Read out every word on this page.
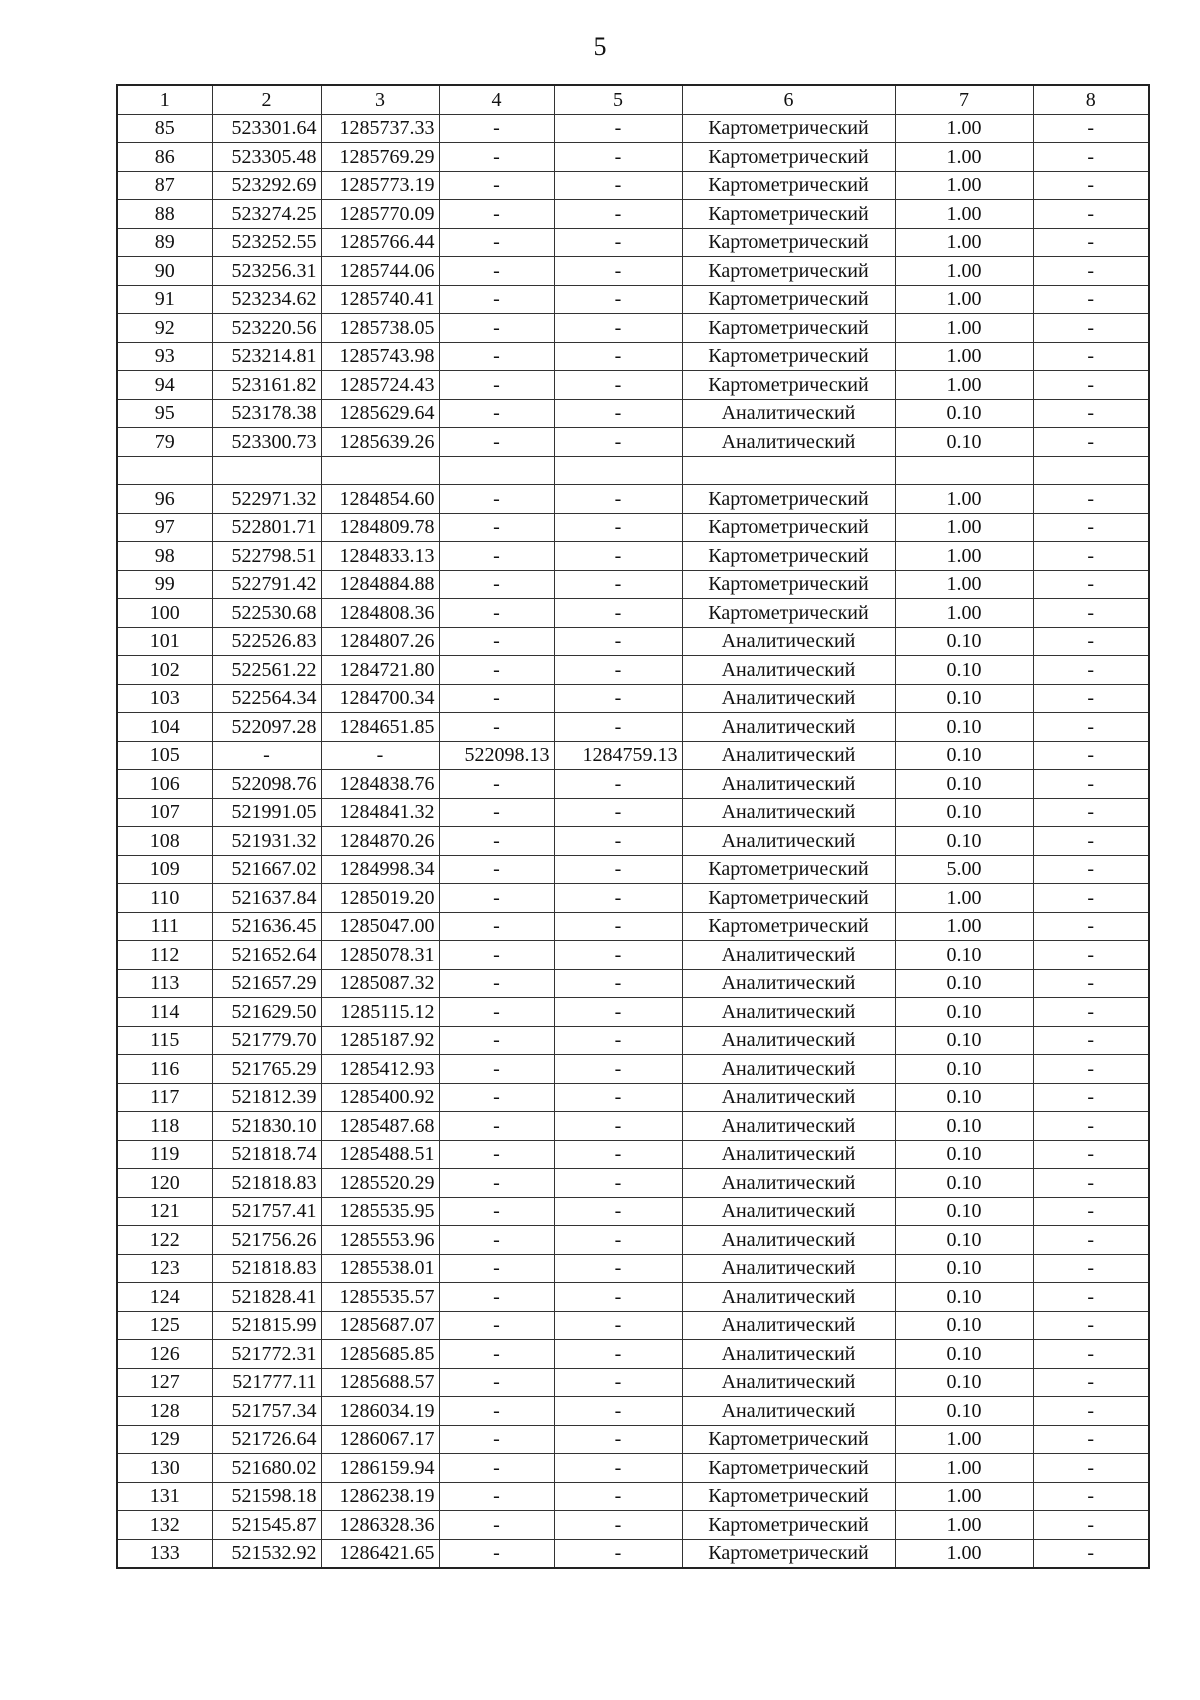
5
1	2	3	4	5	6	7	8
85	523301.64	1285737.33	-	-	Картометрический	1.00	-
86	523305.48	1285769.29	-	-	Картометрический	1.00	-
87	523292.69	1285773.19	-	-	Картометрический	1.00	-
88	523274.25	1285770.09	-	-	Картометрический	1.00	-
89	523252.55	1285766.44	-	-	Картометрический	1.00	-
90	523256.31	1285744.06	-	-	Картометрический	1.00	-
91	523234.62	1285740.41	-	-	Картометрический	1.00	-
92	523220.56	1285738.05	-	-	Картометрический	1.00	-
93	523214.81	1285743.98	-	-	Картометрический	1.00	-
94	523161.82	1285724.43	-	-	Картометрический	1.00	-
95	523178.38	1285629.64	-	-	Аналитический	0.10	-
79	523300.73	1285639.26	-	-	Аналитический	0.10	-

96	522971.32	1284854.60	-	-	Картометрический	1.00	-
97	522801.71	1284809.78	-	-	Картометрический	1.00	-
98	522798.51	1284833.13	-	-	Картометрический	1.00	-
99	522791.42	1284884.88	-	-	Картометрический	1.00	-
100	522530.68	1284808.36	-	-	Картометрический	1.00	-
101	522526.83	1284807.26	-	-	Аналитический	0.10	-
102	522561.22	1284721.80	-	-	Аналитический	0.10	-
103	522564.34	1284700.34	-	-	Аналитический	0.10	-
104	522097.28	1284651.85	-	-	Аналитический	0.10	-
105	-	-	522098.13	1284759.13	Аналитический	0.10	-
106	522098.76	1284838.76	-	-	Аналитический	0.10	-
107	521991.05	1284841.32	-	-	Аналитический	0.10	-
108	521931.32	1284870.26	-	-	Аналитический	0.10	-
109	521667.02	1284998.34	-	-	Картометрический	5.00	-
110	521637.84	1285019.20	-	-	Картометрический	1.00	-
111	521636.45	1285047.00	-	-	Картометрический	1.00	-
112	521652.64	1285078.31	-	-	Аналитический	0.10	-
113	521657.29	1285087.32	-	-	Аналитический	0.10	-
114	521629.50	1285115.12	-	-	Аналитический	0.10	-
115	521779.70	1285187.92	-	-	Аналитический	0.10	-
116	521765.29	1285412.93	-	-	Аналитический	0.10	-
117	521812.39	1285400.92	-	-	Аналитический	0.10	-
118	521830.10	1285487.68	-	-	Аналитический	0.10	-
119	521818.74	1285488.51	-	-	Аналитический	0.10	-
120	521818.83	1285520.29	-	-	Аналитический	0.10	-
121	521757.41	1285535.95	-	-	Аналитический	0.10	-
122	521756.26	1285553.96	-	-	Аналитический	0.10	-
123	521818.83	1285538.01	-	-	Аналитический	0.10	-
124	521828.41	1285535.57	-	-	Аналитический	0.10	-
125	521815.99	1285687.07	-	-	Аналитический	0.10	-
126	521772.31	1285685.85	-	-	Аналитический	0.10	-
127	521777.11	1285688.57	-	-	Аналитический	0.10	-
128	521757.34	1286034.19	-	-	Аналитический	0.10	-
129	521726.64	1286067.17	-	-	Картометрический	1.00	-
130	521680.02	1286159.94	-	-	Картометрический	1.00	-
131	521598.18	1286238.19	-	-	Картометрический	1.00	-
132	521545.87	1286328.36	-	-	Картометрический	1.00	-
133	521532.92	1286421.65	-	-	Картометрический	1.00	-
